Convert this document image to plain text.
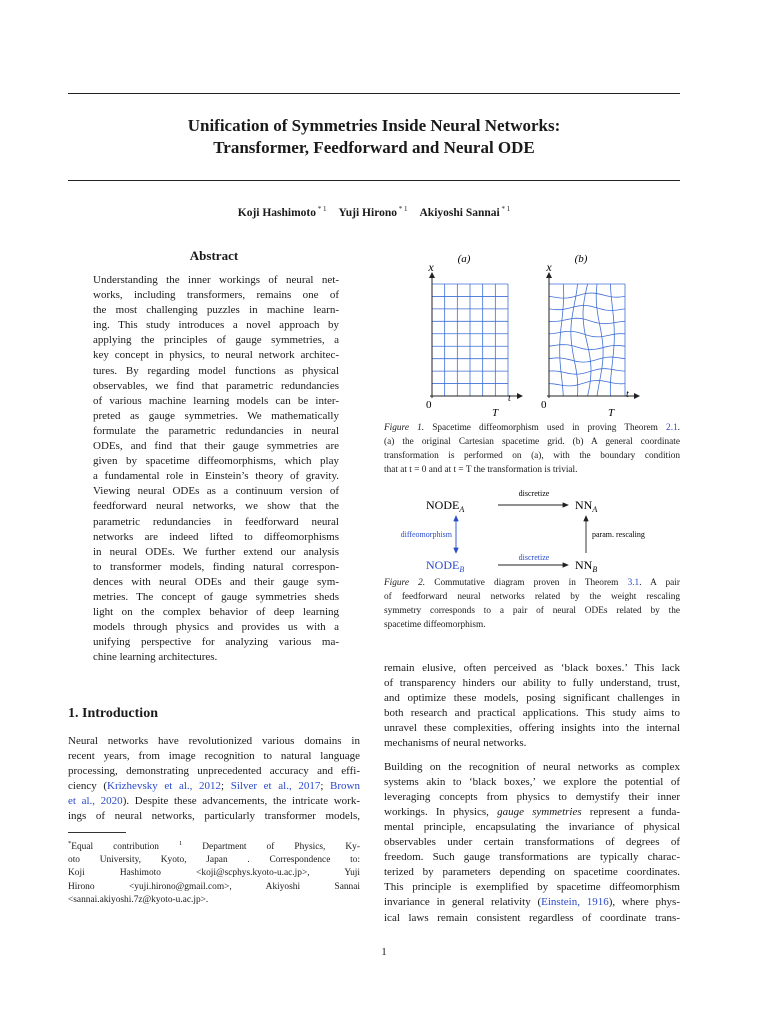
Unification of Symmetries Inside Neural Networks:
Transformer, Feedforward and Neural ODE
Koji Hashimoto $^{* 1}$ Yuji Hirono $^{* 1}$ Akiyoshi Sannai $^{* 1}$
Abstract
Understanding the inner workings of neural net-
works, including transformers, remains one of
the most challenging puzzles in machine learn-
ing. This study introduces a novel approach by
applying the principles of gauge symmetries, a
key concept in physics, to neural network architec-
tures. By regarding model functions as physical
observables, we find that parametric redundancies
of various machine learning models can be inter-
preted as gauge symmetries. We mathematically
formulate the parametric redundancies in neural
ODEs, and find that their gauge symmetries are
given by spacetime diffeomorphisms, which play
a fundamental role in Einstein’s theory of gravity.
Viewing neural ODEs as a continuum version of
feedforward neural networks, we show that the
parametric redundancies in feedforward neural
networks are indeed lifted to diffeomorphisms
in neural ODEs. We further extend our analysis
to transformer models, finding natural correspon-
dences with neural ODEs and their gauge sym-
metries. The concept of gauge symmetries sheds
light on the complex behavior of deep learning
models through physics and provides us with a
unifying perspective for analyzing various ma-
chine learning architectures.
1. Introduction
Neural networks have revolutionized various domains in
recent years, from image recognition to natural language
processing, demonstrating unprecedented accuracy and effi-
ciency (Krizhevsky et al., 2012; Silver et al., 2017; Brown
et al., 2020). Despite these advancements, the intricate work-
ings of neural networks, particularly transformer models,
*Equal contribution $^1$ Department of Physics, Ky-
oto University, Kyoto, Japan . Correspondence to:
Koji Hashimoto <koji@scphys.kyoto-u.ac.jp>, Yuji
Hirono <yuji.hirono@gmail.com>, Akiyoshi Sannai
<sannai.akiyoshi.7z@kyoto-u.ac.jp>.
(a)	(b)
x	x
t	t
0	0
T	T
Figure 1. Spacetime diffeomorphism used in proving Theorem 2.1.
(a) the original Cartesian spacetime grid. (b) A general coordinate
transformation is performed on (a), with the boundary condition
that at t = 0 and at t = T the transformation is trivial.
$NODE_A$	$NN_A$
$NODE_B$	$NN_B$
discretize
discretize
diffeomorphism	param. rescaling
Figure 2. Commutative diagram proven in Theorem 3.1. A pair
of feedforward neural networks related by the weight rescaling
symmetry corresponds to a pair of neural ODEs related by the
spacetime diffeomorphism.
remain elusive, often perceived as ‘black boxes.’ This lack
of transparency hinders our ability to fully understand, trust,
and optimize these models, posing significant challenges in
both research and practical applications. This study aims to
unravel these complexities, offering insights into the internal
mechanisms of neural networks.
Building on the recognition of neural networks as complex
systems akin to ‘black boxes,’ we explore the potential of
leveraging concepts from physics to demystify their inner
workings. In physics, gauge symmetries represent a funda-
mental principle, encapsulating the invariance of physical
observables under certain transformations of degrees of
freedom. Such gauge transformations are typically charac-
terized by parameters depending on spacetime coordinates.
This principle is exemplified by spacetime diffeomorphism
invariance in general relativity (Einstein, 1916), where phys-
ical laws remain consistent regardless of coordinate trans-
1
